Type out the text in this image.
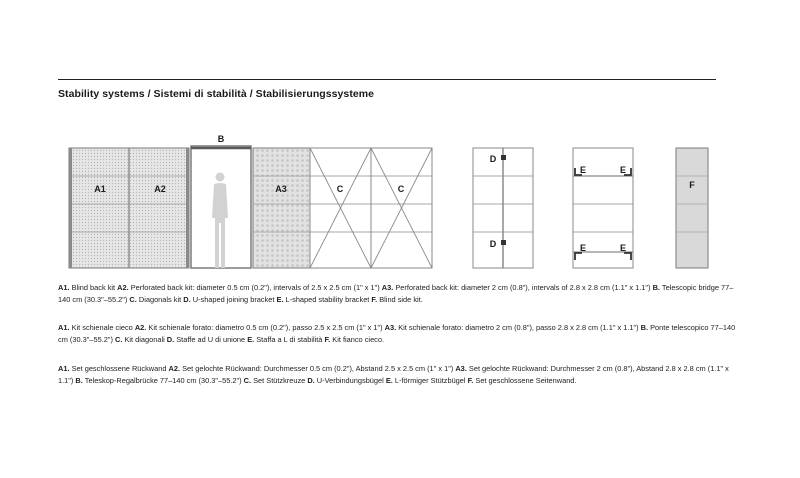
Stability systems / Sistemi di stabilità / Stabilisierungssysteme
A1	A2
B
A3	C	C
D
D
E	E
E	E
F
A1. Blind back kit A2. Perforated back kit: diameter 0.5 cm (0.2"), intervals of 2.5 x 2.5 cm (1" x 1") A3. Perforated back kit: diameter 2 cm (0.8"), intervals of 2.8 x 2.8 cm (1.1" x 1.1") B. Telescopic bridge 77–140 cm (30.3"–55.2") C. Diagonals kit D. U-shaped joining bracket E. L-shaped stability bracket F. Blind side kit.
A1. Kit schienale cieco A2. Kit schienale forato: diametro 0.5 cm (0.2"), passo 2.5 x 2.5 cm (1" x 1") A3. Kit schienale forato: diametro 2 cm (0.8"), passo 2.8 x 2.8 cm (1.1" x 1.1") B. Ponte telescopico 77–140 cm (30.3"–55.2") C. Kit diagonali D. Staffe ad U di unione E. Staffa a L di stabilità F. Kit fianco cieco.
A1. Set geschlossene Rückwand A2. Set gelochte Rückwand: Durchmesser 0.5 cm (0.2"), Abstand 2.5 x 2.5 cm (1" x 1") A3. Set gelochte Rückwand: Durchmesser 2 cm (0.8"), Abstand 2.8 x 2.8 cm (1.1" x 1.1") B. Teleskop-Regalbrücke 77–140 cm (30.3"–55.2") C. Set Stützkreuze D. U-Verbindungsbügel E. L-förmiger Stützbügel F. Set geschlossene Seitenwand.
